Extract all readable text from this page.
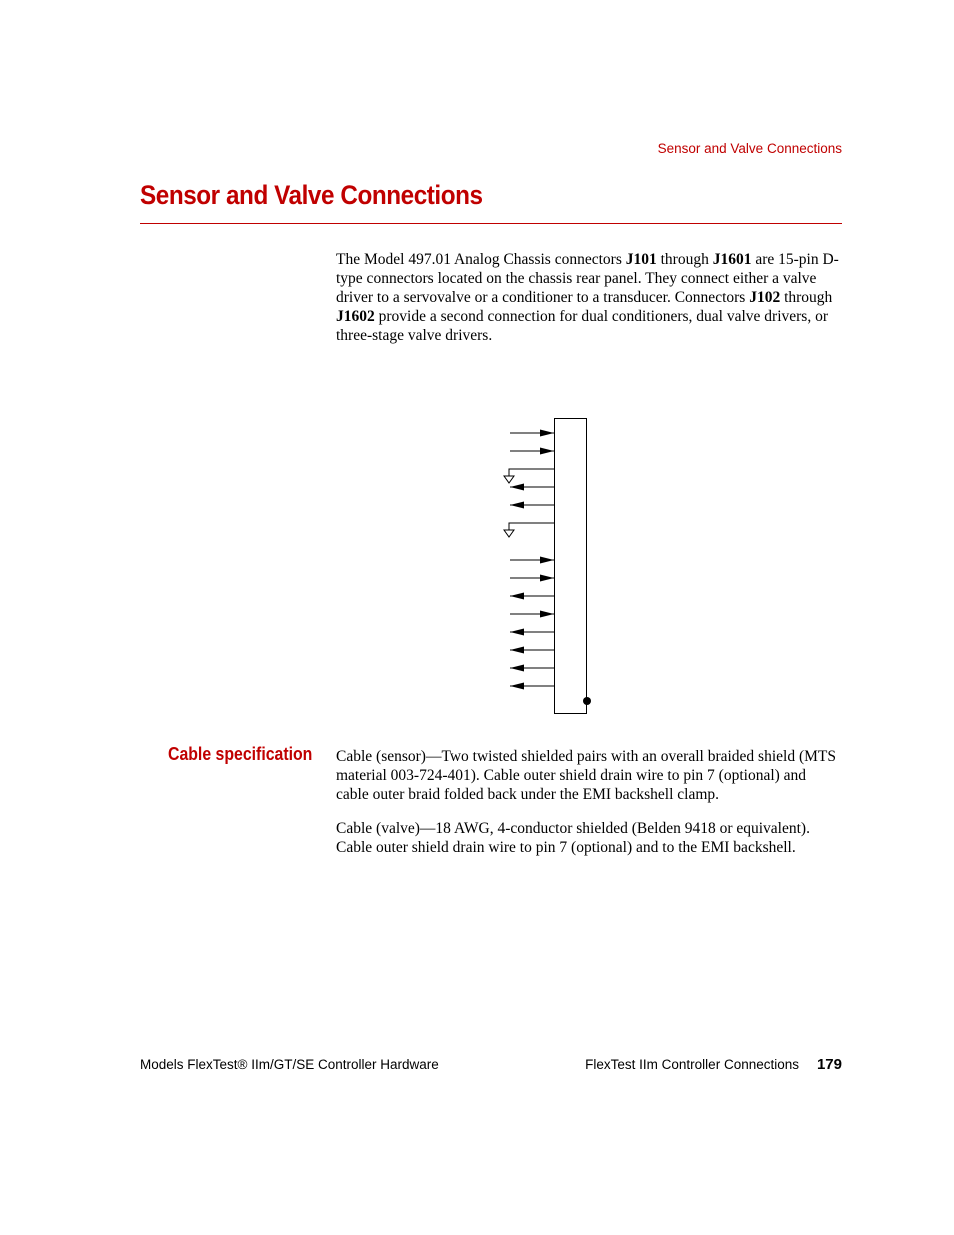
Sensor and Valve Connections
Sensor and Valve Connections

The Model 497.01 Analog Chassis connectors J101 through J1601 are 15-pin D-type connectors located on the chassis rear panel. They connect either a valve driver to a servovalve or a conditioner to a transducer. Connectors J102 through J1602 provide a second connection for dual conditioners, dual valve drivers, or three-stage valve drivers.

Cable specification Cable (sensor)—Two twisted shielded pairs with an overall braided shield (MTS material 003-724-401). Cable outer shield drain wire to pin 7 (optional) and cable outer braid folded back under the EMI backshell clamp.

Cable (valve)—18 AWG, 4-conductor shielded (Belden 9418 or equivalent). Cable outer shield drain wire to pin 7 (optional) and to the EMI backshell.

Models FlexTest® IIm/GT/SE Controller Hardware	FlexTest IIm Controller Connections 179
